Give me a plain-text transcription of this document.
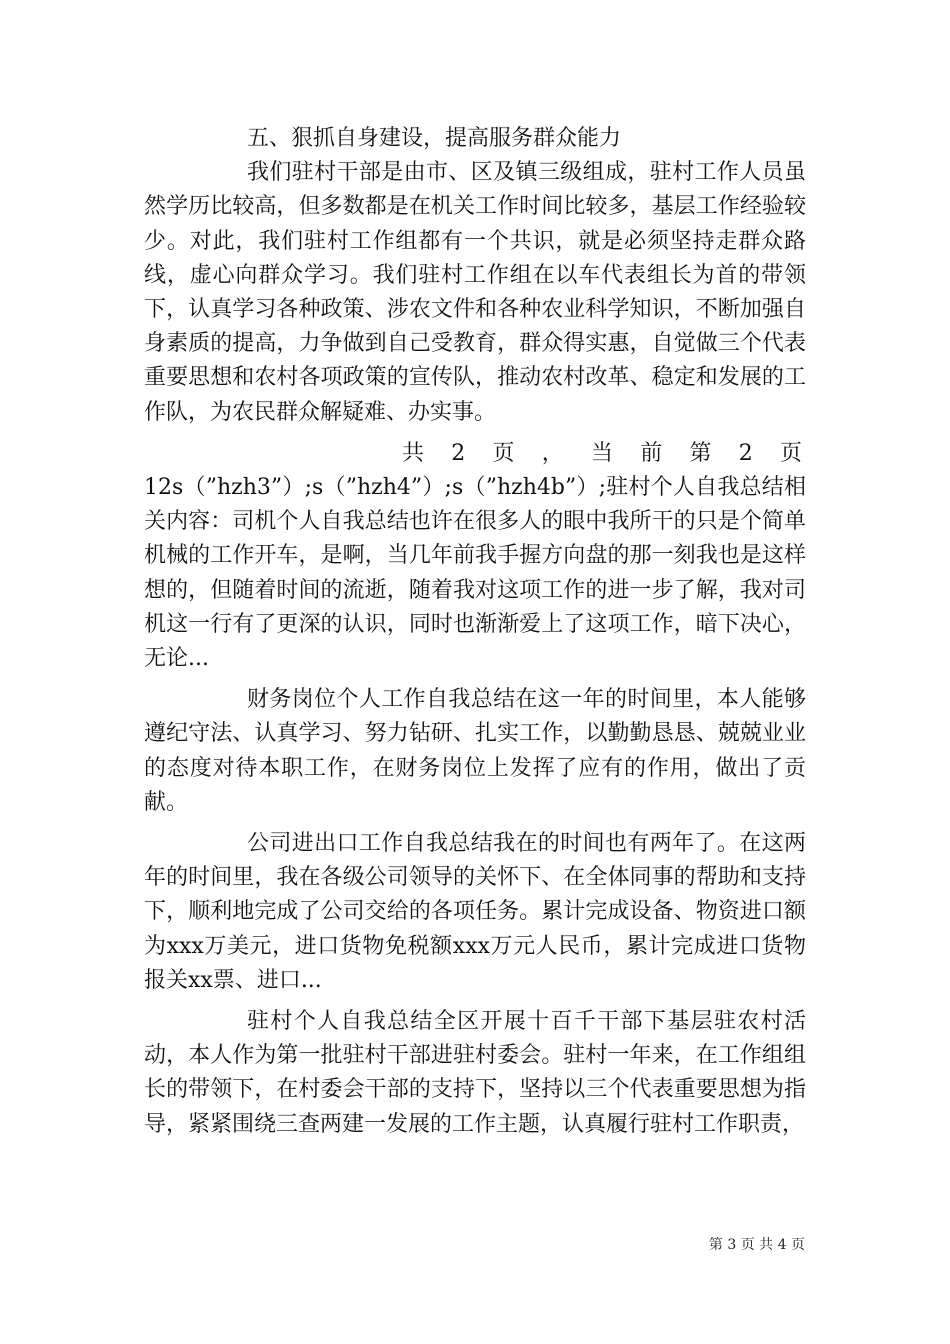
五、狠抓自身建设，提高服务群众能力

我们驻村干部是由市、区及镇三级组成，驻村工作人员虽然学历比较高，但多数都是在机关工作时间比较多，基层工作经验较少。对此，我们驻村工作组都有一个共识，就是必须坚持走群众路线，虚心向群众学习。我们驻村工作组在以车代表组长为首的带领下，认真学习各种政策、涉农文件和各种农业科学知识，不断加强自身素质的提高，力争做到自己受教育，群众得实惠，自觉做三个代表重要思想和农村各项政策的宣传队，推动农村改革、稳定和发展的工作队，为农民群众解疑难、办实事。

共 2 页 ， 当 前 第 2 页

12s（”hzh3”）;s（”hzh4”）;s（”hzh4b”）;驻村个人自我总结相关内容：司机个人自我总结也许在很多人的眼中我所干的只是个简单机械的工作开车，是啊，当几年前我手握方向盘的那一刻我也是这样想的，但随着时间的流逝，随着我对这项工作的进一步了解，我对司机这一行有了更深的认识，同时也渐渐爱上了这项工作，暗下决心，无论...

财务岗位个人工作自我总结在这一年的时间里，本人能够遵纪守法、认真学习、努力钻研、扎实工作，以勤勤恳恳、兢兢业业的态度对待本职工作，在财务岗位上发挥了应有的作用，做出了贡献。

公司进出口工作自我总结我在的时间也有两年了。在这两年的时间里，我在各级公司领导的关怀下、在全体同事的帮助和支持下，顺利地完成了公司交给的各项任务。累计完成设备、物资进口额为xxx万美元，进口货物免税额xxx万元人民币，累计完成进口货物报关xx票、进口...

驻村个人自我总结全区开展十百千干部下基层驻农村活动，本人作为第一批驻村干部进驻村委会。驻村一年来，在工作组组长的带领下，在村委会干部的支持下，坚持以三个代表重要思想为指导，紧紧围绕三查两建一发展的工作主题，认真履行驻村工作职责，

第 3 页 共 4 页
